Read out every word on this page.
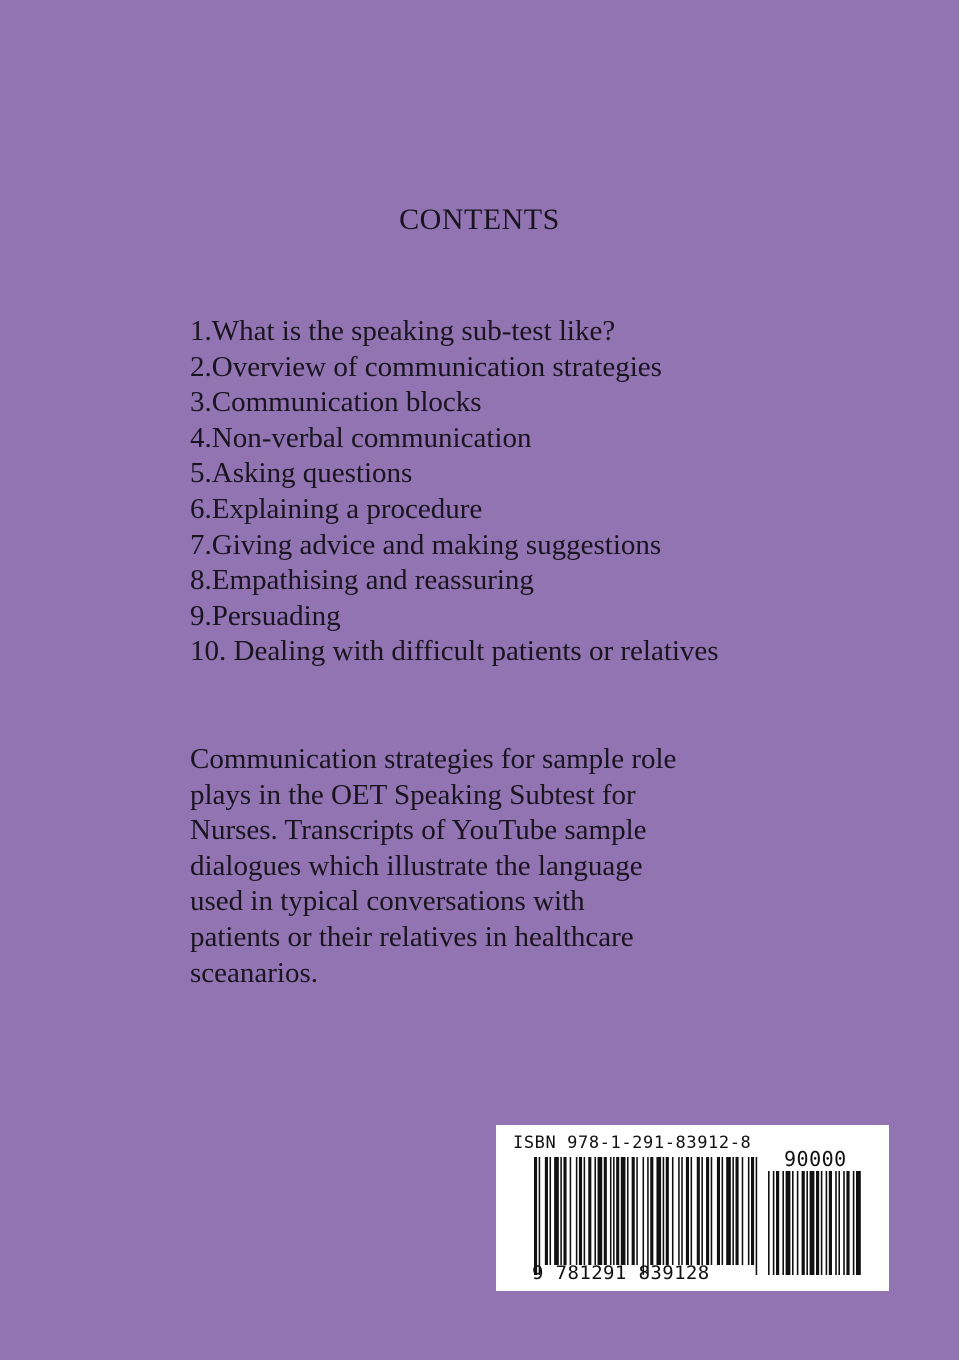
CONTENTS
1.What is the speaking sub-test like?
2.Overview of communication strategies
3.Communication blocks
4.Non-verbal communication
5.Asking questions
6.Explaining a procedure
7.Giving advice and making suggestions
8.Empathising and reassuring
9.Persuading
10. Dealing with difficult patients or relatives

Communication strategies for sample role
plays in the OET Speaking Subtest for
Nurses. Transcripts of YouTube sample
dialogues which illustrate the language
used in typical conversations with
patients or their relatives in healthcare
sceanarios.

ISBN 978-1-291-83912-8
90000
9 781291 839128
